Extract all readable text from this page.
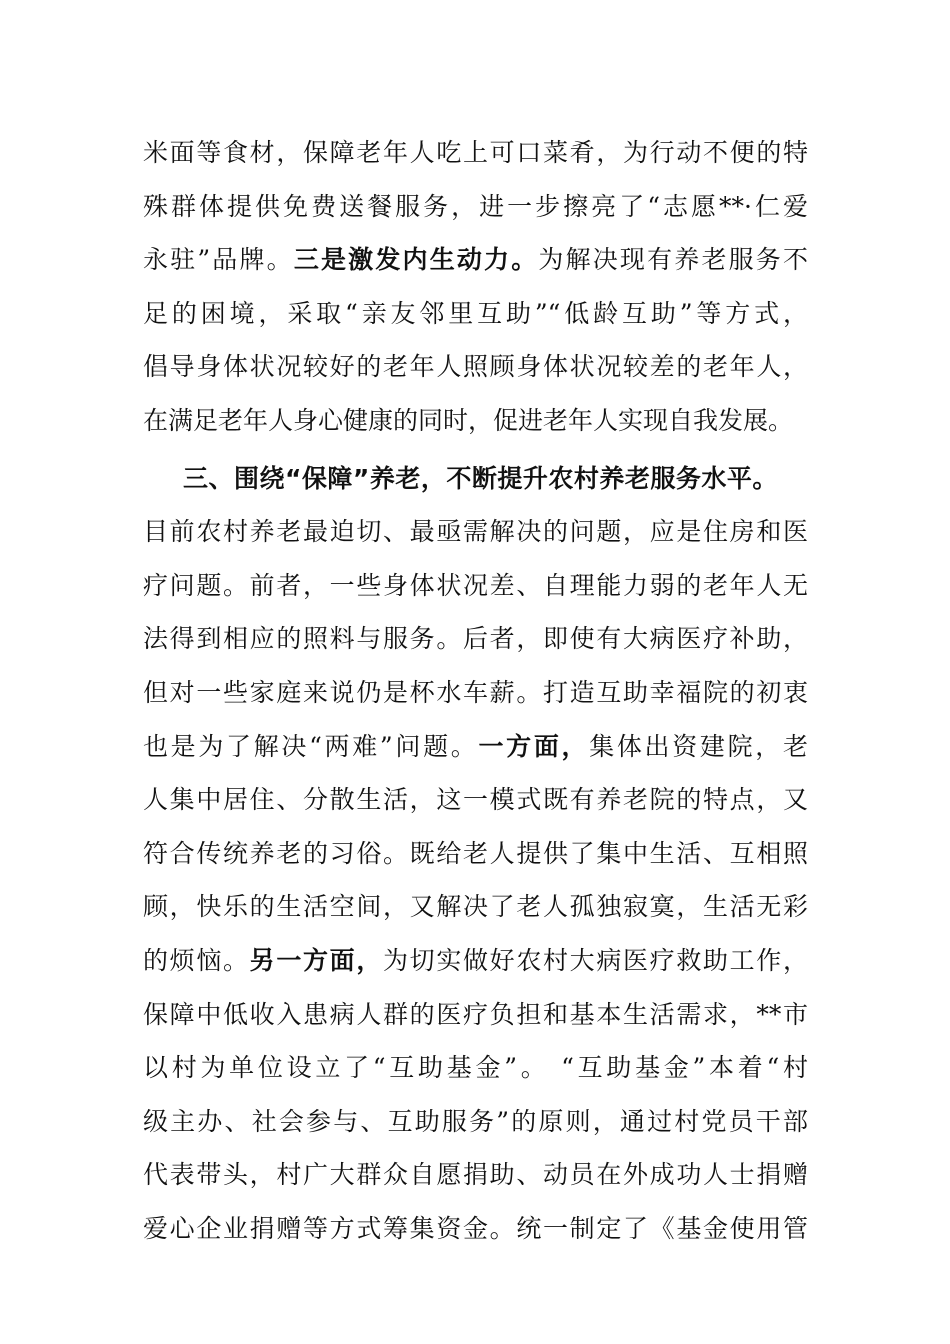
米面等食材，保障老年人吃上可口菜肴，为行动不便的特
殊群体提供免费送餐服务，进一步擦亮了“志愿**·仁爱
永驻”品牌。三是激发内生动力。为解决现有养老服务不
足的困境，采取“亲友邻里互助”“低龄互助”等方式，
倡导身体状况较好的老年人照顾身体状况较差的老年人，
在满足老年人身心健康的同时，促进老年人实现自我发展。
三、围绕“保障”养老，不断提升农村养老服务水平。
目前农村养老最迫切、最亟需解决的问题，应是住房和医
疗问题。前者，一些身体状况差、自理能力弱的老年人无
法得到相应的照料与服务。后者，即使有大病医疗补助，
但对一些家庭来说仍是杯水车薪。打造互助幸福院的初衷
也是为了解决“两难”问题。一方面，集体出资建院，老
人集中居住、分散生活，这一模式既有养老院的特点，又
符合传统养老的习俗。既给老人提供了集中生活、互相照
顾，快乐的生活空间，又解决了老人孤独寂寞，生活无彩
的烦恼。另一方面，为切实做好农村大病医疗救助工作，
保障中低收入患病人群的医疗负担和基本生活需求，**市
以村为单位设立了“互助基金”。 “互助基金”本着“村
级主办、社会参与、互助服务”的原则，通过村党员干部
代表带头，村广大群众自愿捐助、动员在外成功人士捐赠
爱心企业捐赠等方式筹集资金。统一制定了《基金使用管
